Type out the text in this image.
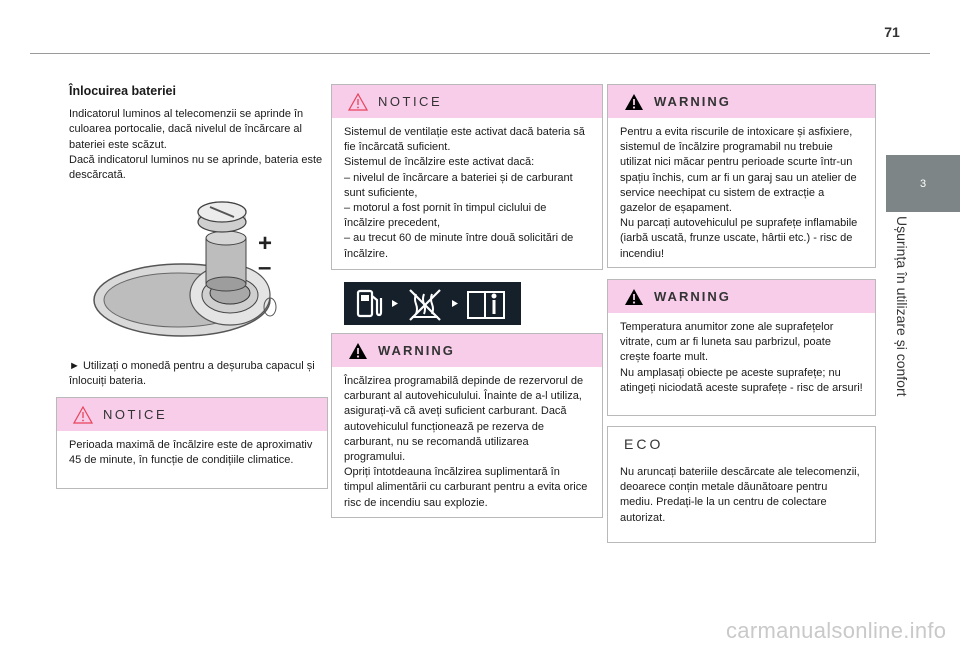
71
3
Ușurința în utilizare și confort
Înlocuirea bateriei

Indicatorul luminos al telecomenzii se aprinde în culoarea portocalie, dacă nivelul de încărcare al bateriei este scăzut.

Dacă indicatorul luminos nu se aprinde, bateria este descărcată.

+
–

► Utilizați o monedă pentru a deșuruba capacul și înlocuiți bateria.

NOTICE
Perioada maximă de încălzire este de aproximativ 45 de minute, în funcție de condițiile climatice.
NOTICE

Sistemul de ventilație este activat dacă bateria să fie încărcată suficient.

Sistemul de încălzire este activat dacă:

– nivelul de încărcare a bateriei și de carburant sunt suficiente,

– motorul a fost pornit în timpul ciclului de încălzire precedent,

– au trecut 60 de minute între două solicitări de încălzire.

WARNING

Încălzirea programabilă depinde de rezervorul de carburant al autovehiculului. Înainte de a-l utiliza, asigurați-vă că aveți suficient carburant. Dacă autovehiculul funcționează pe rezerva de carburant, nu se recomandă utilizarea programului.

Opriți întotdeauna încălzirea suplimentară în timpul alimentării cu carburant pentru a evita orice risc de incendiu sau explozie.

WARNING

Pentru a evita riscurile de intoxicare și asfixiere, sistemul de încălzire programabil nu trebuie utilizat nici măcar pentru perioade scurte într-un spațiu închis, cum ar fi un garaj sau un atelier de service neechipat cu sistem de extracție a gazelor de eșapament.

Nu parcați autovehiculul pe suprafețe inflamabile (iarbă uscată, frunze uscate, hârtii etc.) - risc de incendiu!

WARNING

Temperatura anumitor zone ale suprafețelor vitrate, cum ar fi luneta sau parbrizul, poate crește foarte mult.

Nu amplasați obiecte pe aceste suprafețe; nu atingeți niciodată aceste suprafețe - risc de arsuri!

ECO
Nu aruncați bateriile descărcate ale telecomenzii, deoarece conțin metale dăunătoare pentru mediu. Predați-le la un centru de colectare autorizat.
carmanualsonline.info
